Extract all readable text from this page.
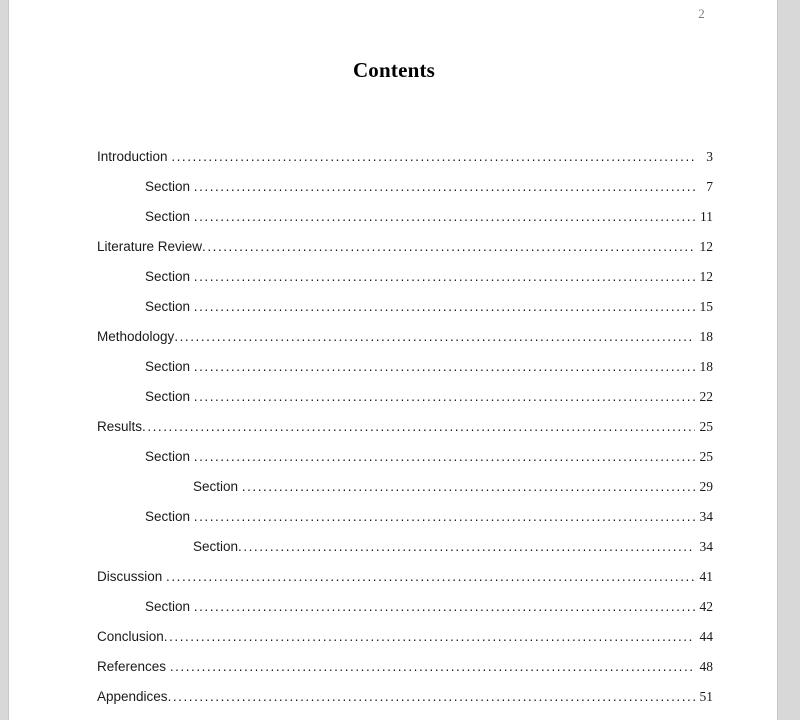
2
Contents
Introduction .....	3
Section .....	7
Section .....	11
Literature Review .....	12
Section .....	12
Section .....	15
Methodology .....	18
Section .....	18
Section .....	22
Results .....	25
Section .....	25
Section .....	29
Section .....	34
Section .....	34
Discussion .....	41
Section .....	42
Conclusion .....	44
References .....	48
Appendices .....	51
